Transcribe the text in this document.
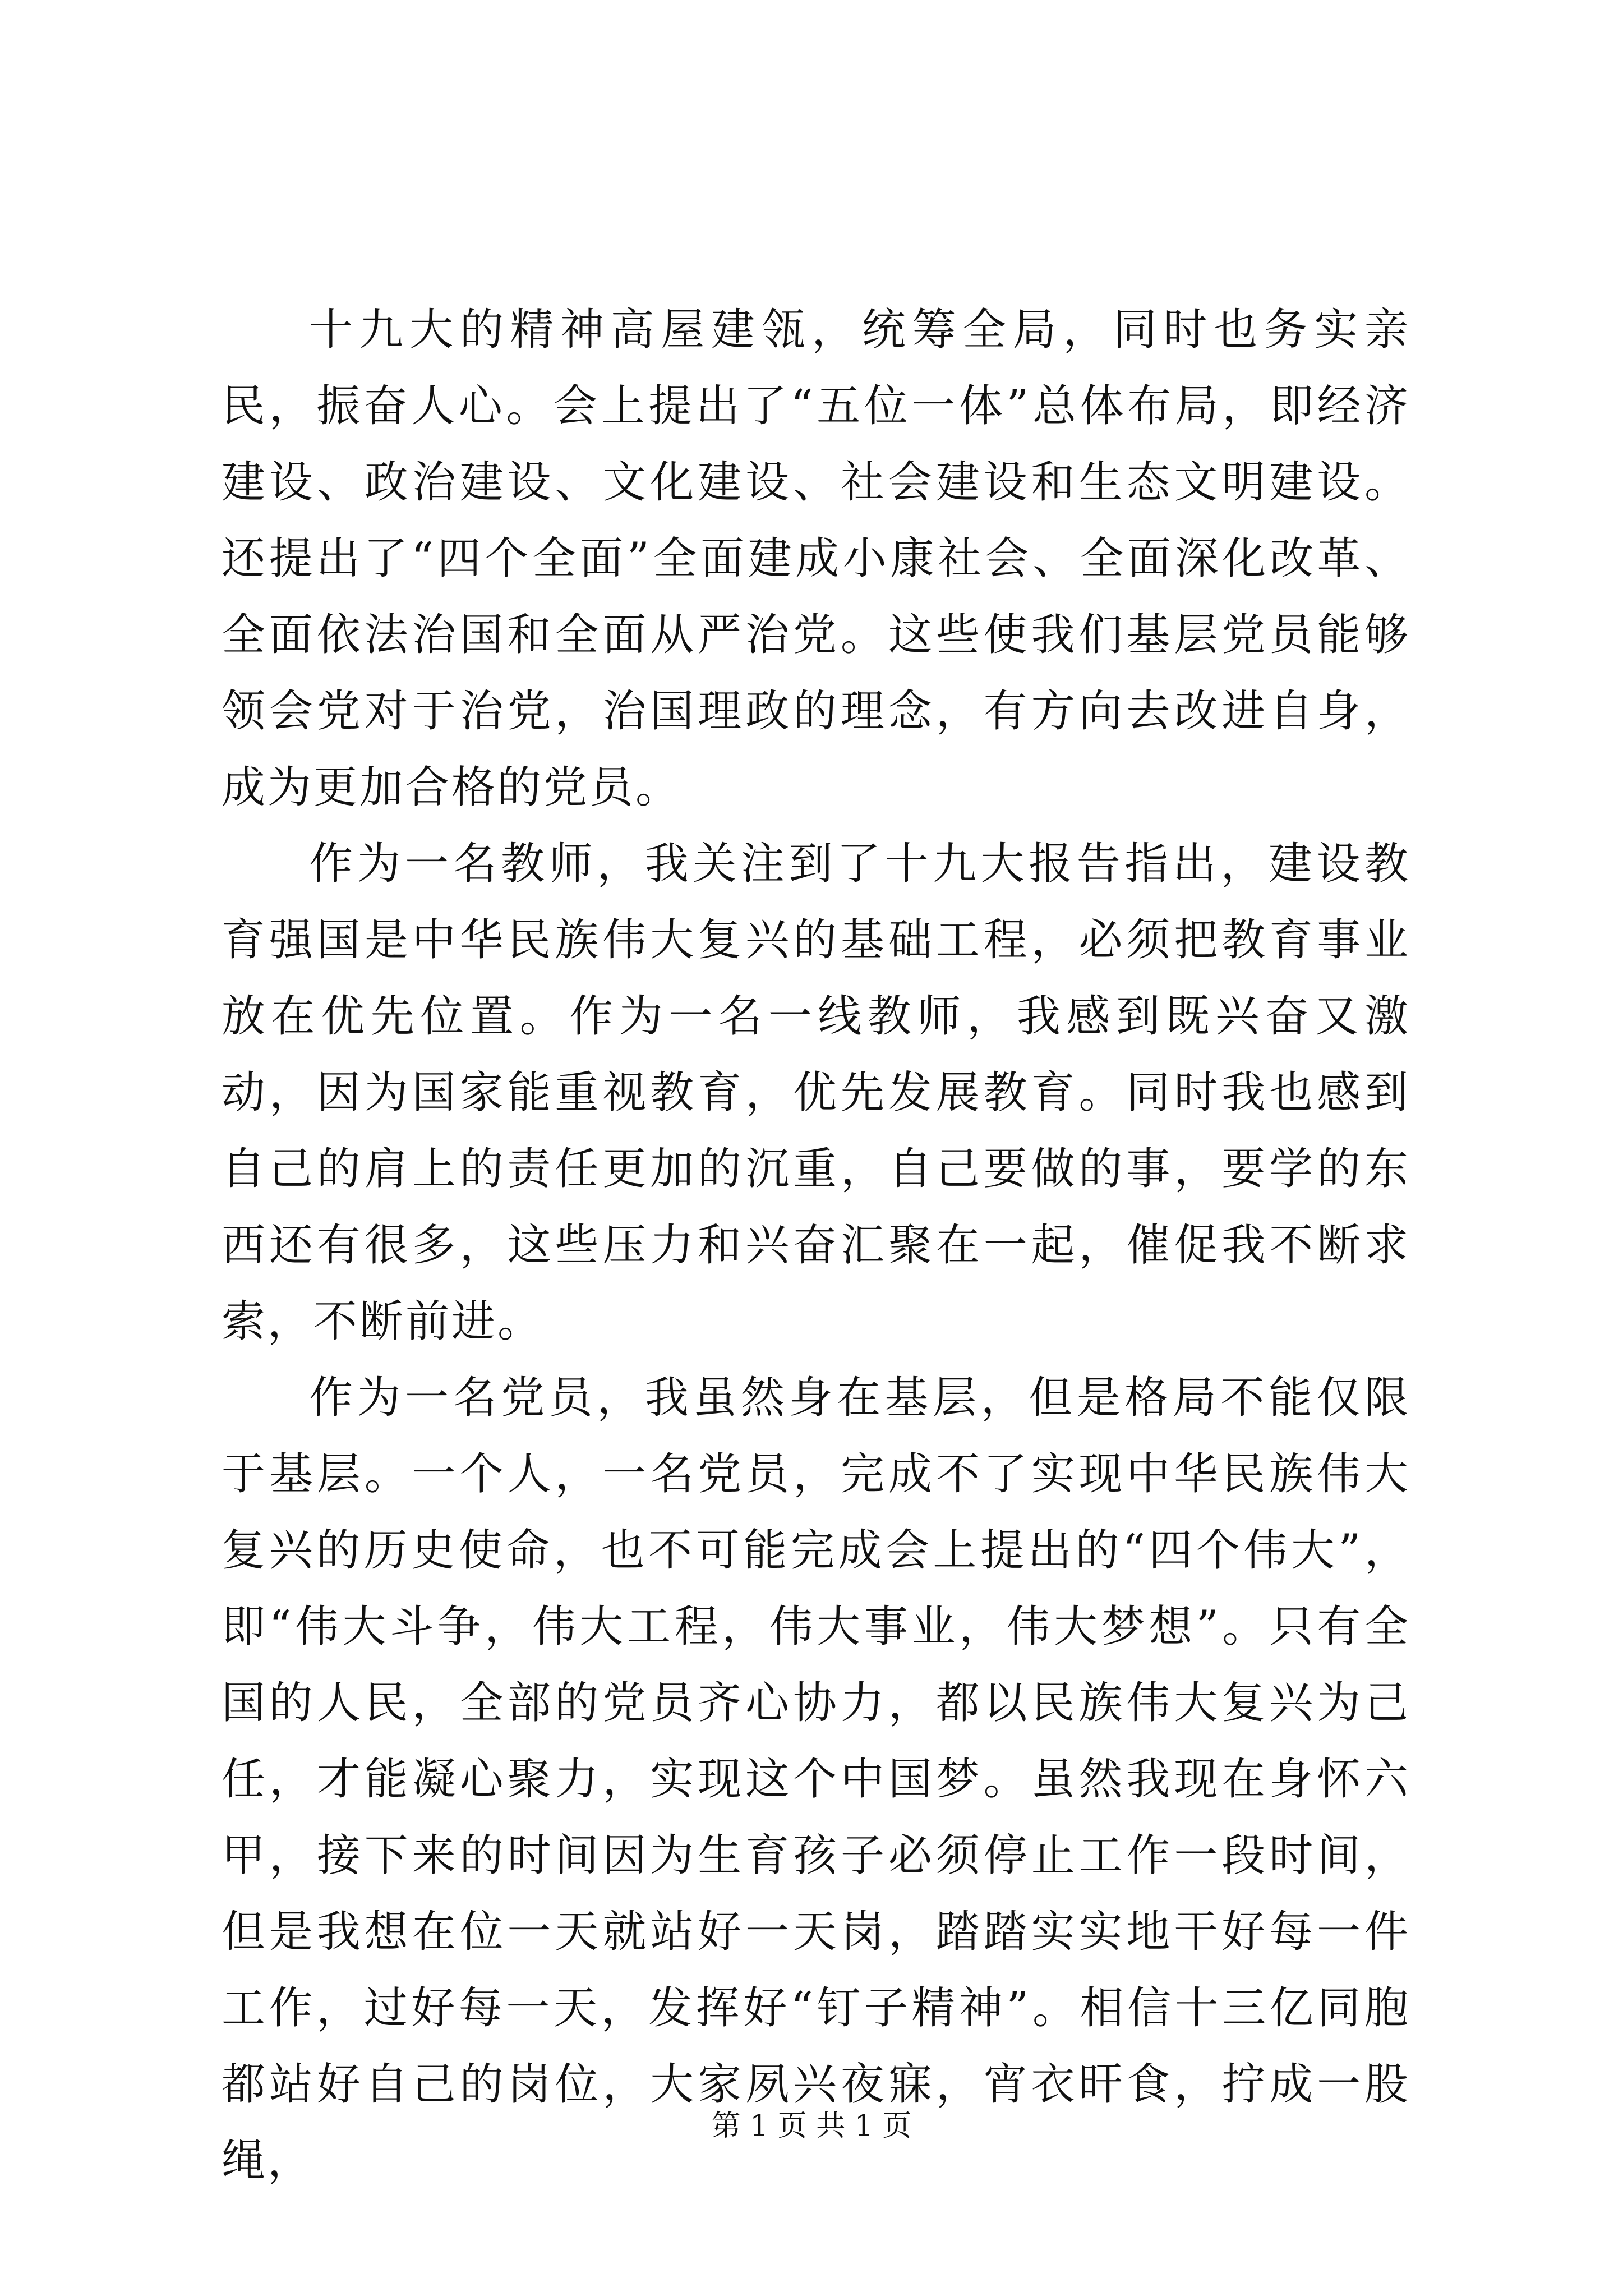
十九大的精神高屋建瓴，统筹全局，同时也务实亲民，振奋人心。会上提出了“五位一体”总体布局，即经济建设、政治建设、文化建设、社会建设和生态文明建设。还提出了“四个全面”全面建成小康社会、全面深化改革、全面依法治国和全面从严治党。这些使我们基层党员能够领会党对于治党，治国理政的理念，有方向去改进自身，成为更加合格的党员。

作为一名教师，我关注到了十九大报告指出，建设教育强国是中华民族伟大复兴的基础工程，必须把教育事业放在优先位置。作为一名一线教师，我感到既兴奋又激动，因为国家能重视教育，优先发展教育。同时我也感到自己的肩上的责任更加的沉重，自己要做的事，要学的东西还有很多，这些压力和兴奋汇聚在一起，催促我不断求索，不断前进。

作为一名党员，我虽然身在基层，但是格局不能仅限于基层。一个人，一名党员，完成不了实现中华民族伟大复兴的历史使命，也不可能完成会上提出的“四个伟大”，即“伟大斗争，伟大工程，伟大事业，伟大梦想”。只有全国的人民，全部的党员齐心协力，都以民族伟大复兴为己任，才能凝心聚力，实现这个中国梦。虽然我现在身怀六甲，接下来的时间因为生育孩子必须停止工作一段时间，但是我想在位一天就站好一天岗，踏踏实实地干好每一件工作，过好每一天，发挥好“钉子精神”。相信十三亿同胞都站好自己的岗位，大家夙兴夜寐，宵衣旰食，拧成一股绳，

第 1 页 共 1 页
